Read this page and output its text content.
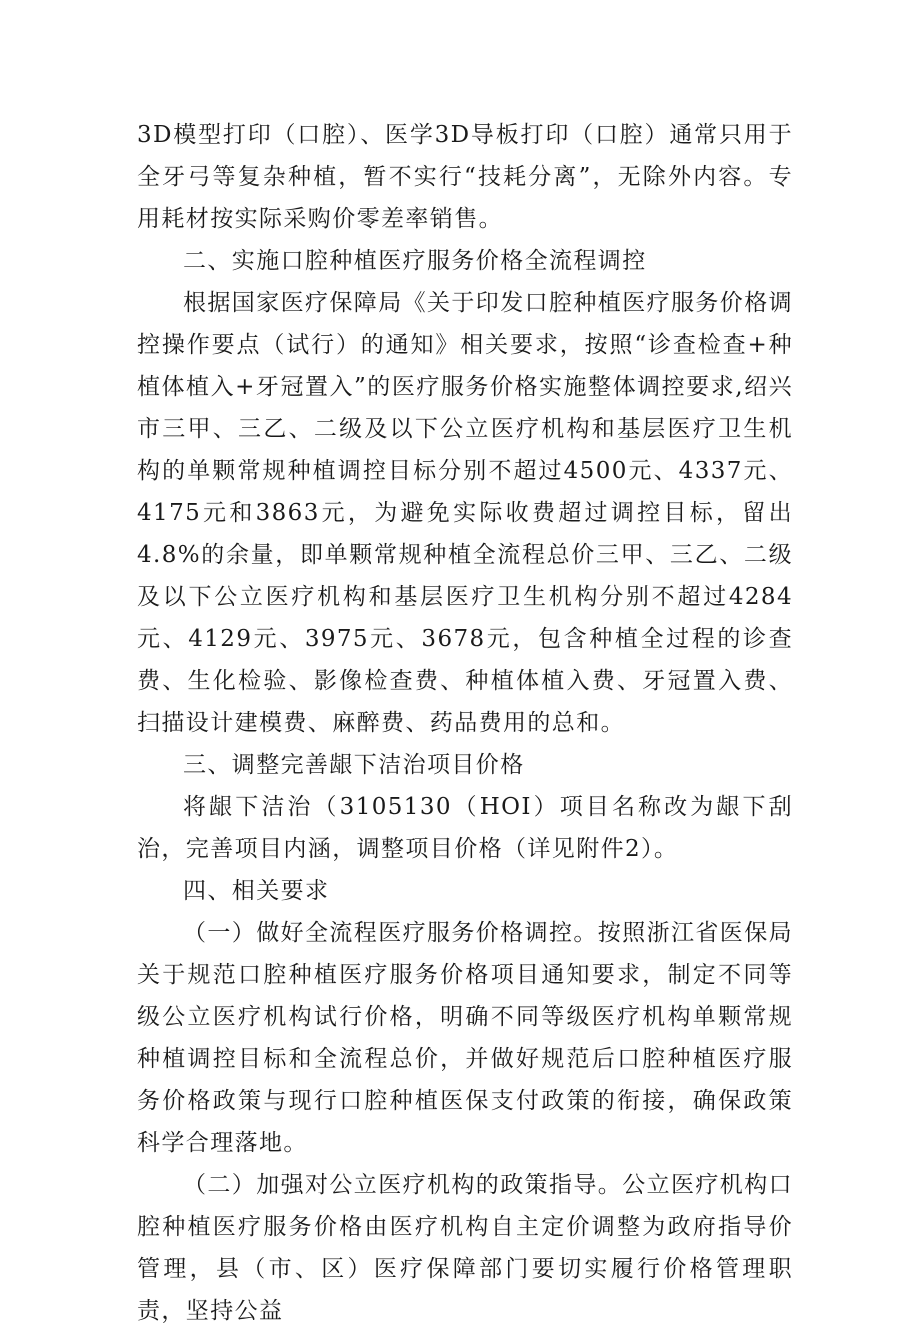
3D模型打印（口腔）、医学3D导板打印（口腔）通常只用于全牙弓等复杂种植，暂不实行“技耗分离”，无除外内容。专用耗材按实际采购价零差率销售。

二、实施口腔种植医疗服务价格全流程调控

根据国家医疗保障局《关于印发口腔种植医疗服务价格调控操作要点（试行）的通知》相关要求，按照“诊查检查+种植体植入+牙冠置入”的医疗服务价格实施整体调控要求,绍兴市三甲、三乙、二级及以下公立医疗机构和基层医疗卫生机构的单颗常规种植调控目标分别不超过4500元、4337元、4175元和3863元，为避免实际收费超过调控目标，留出4.8%的余量，即单颗常规种植全流程总价三甲、三乙、二级及以下公立医疗机构和基层医疗卫生机构分别不超过4284元、4129元、3975元、3678元，包含种植全过程的诊查费、生化检验、影像检查费、种植体植入费、牙冠置入费、扫描设计建模费、麻醉费、药品费用的总和。

三、调整完善龈下洁治项目价格

将龈下洁治（3105130（HOI）项目名称改为龈下刮治，完善项目内涵，调整项目价格（详见附件2）。

四、相关要求

（一）做好全流程医疗服务价格调控。按照浙江省医保局关于规范口腔种植医疗服务价格项目通知要求，制定不同等级公立医疗机构试行价格，明确不同等级医疗机构单颗常规种植调控目标和全流程总价，并做好规范后口腔种植医疗服务价格政策与现行口腔种植医保支付政策的衔接，确保政策科学合理落地。

（二）加强对公立医疗机构的政策指导。公立医疗机构口腔种植医疗服务价格由医疗机构自主定价调整为政府指导价管理，县（市、区）医疗保障部门要切实履行价格管理职责，坚持公益
